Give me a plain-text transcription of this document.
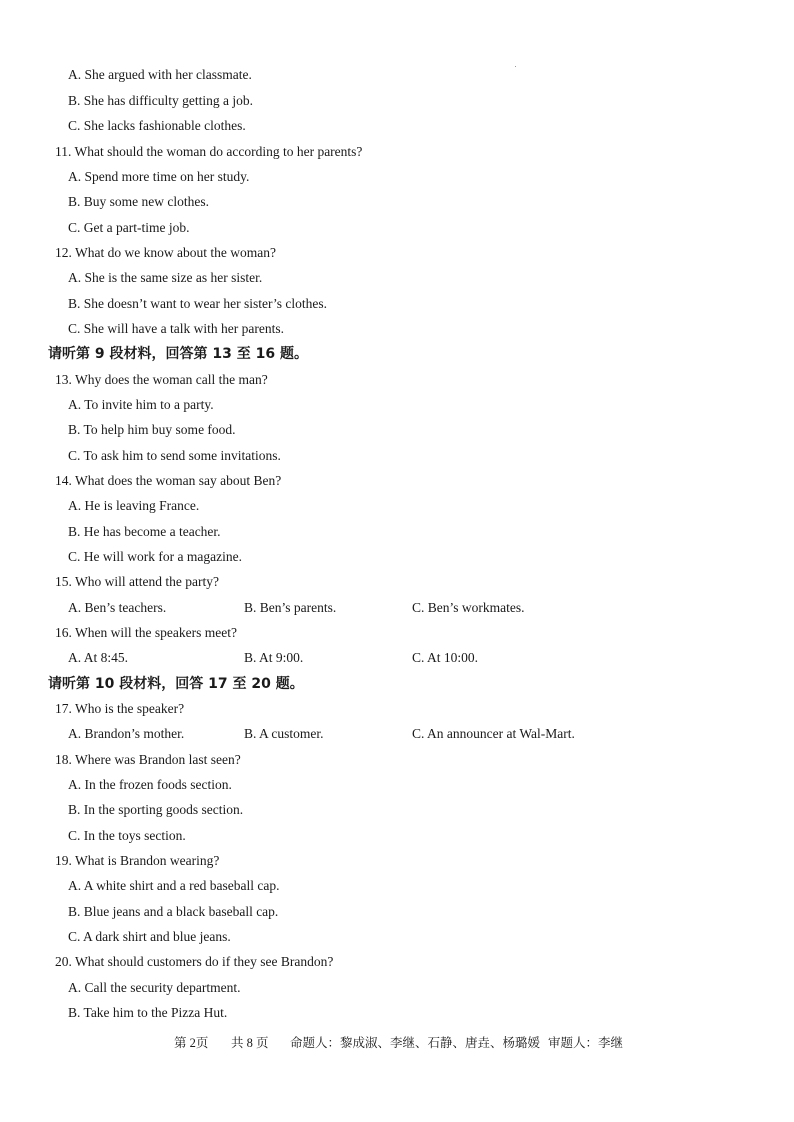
A. She argued with her classmate.
B. She has difficulty getting a job.
C. She lacks fashionable clothes.
11. What should the woman do according to her parents?
A. Spend more time on her study.
B. Buy some new clothes.
C. Get a part-time job.
12. What do we know about the woman?
A. She is the same size as her sister.
B. She doesn’t want to wear her sister’s clothes.
C. She will have a talk with her parents.
请听第 9 段材料，回答第 13 至 16 题。
13. Why does the woman call the man?
A. To invite him to a party.
B. To help him buy some food.
C. To ask him to send some invitations.
14. What does the woman say about Ben?
A. He is leaving France.
B. He has become a teacher.
C. He will work for a magazine.
15. Who will attend the party?
A. Ben’s teachers.	B. Ben’s parents.	C. Ben’s workmates.
16. When will the speakers meet?
A. At 8:45.	B. At 9:00.	C. At 10:00.
请听第 10 段材料，回答 17 至 20 题。
17. Who is the speaker?
A. Brandon’s mother.	B. A customer.	C. An announcer at Wal-Mart.
18. Where was Brandon last seen?
A. In the frozen foods section.
B. In the sporting goods section.
C. In the toys section.
19. What is Brandon wearing?
A. A white shirt and a red baseball cap.
B. Blue jeans and a black baseball cap.
C. A dark shirt and blue jeans.
20. What should customers do if they see Brandon?
A. Call the security department.
B. Take him to the Pizza Hut.
第 2页 共 8 页 命题人：黎成淑、李继、石静、唐垚、杨璐媛 审题人：李继
